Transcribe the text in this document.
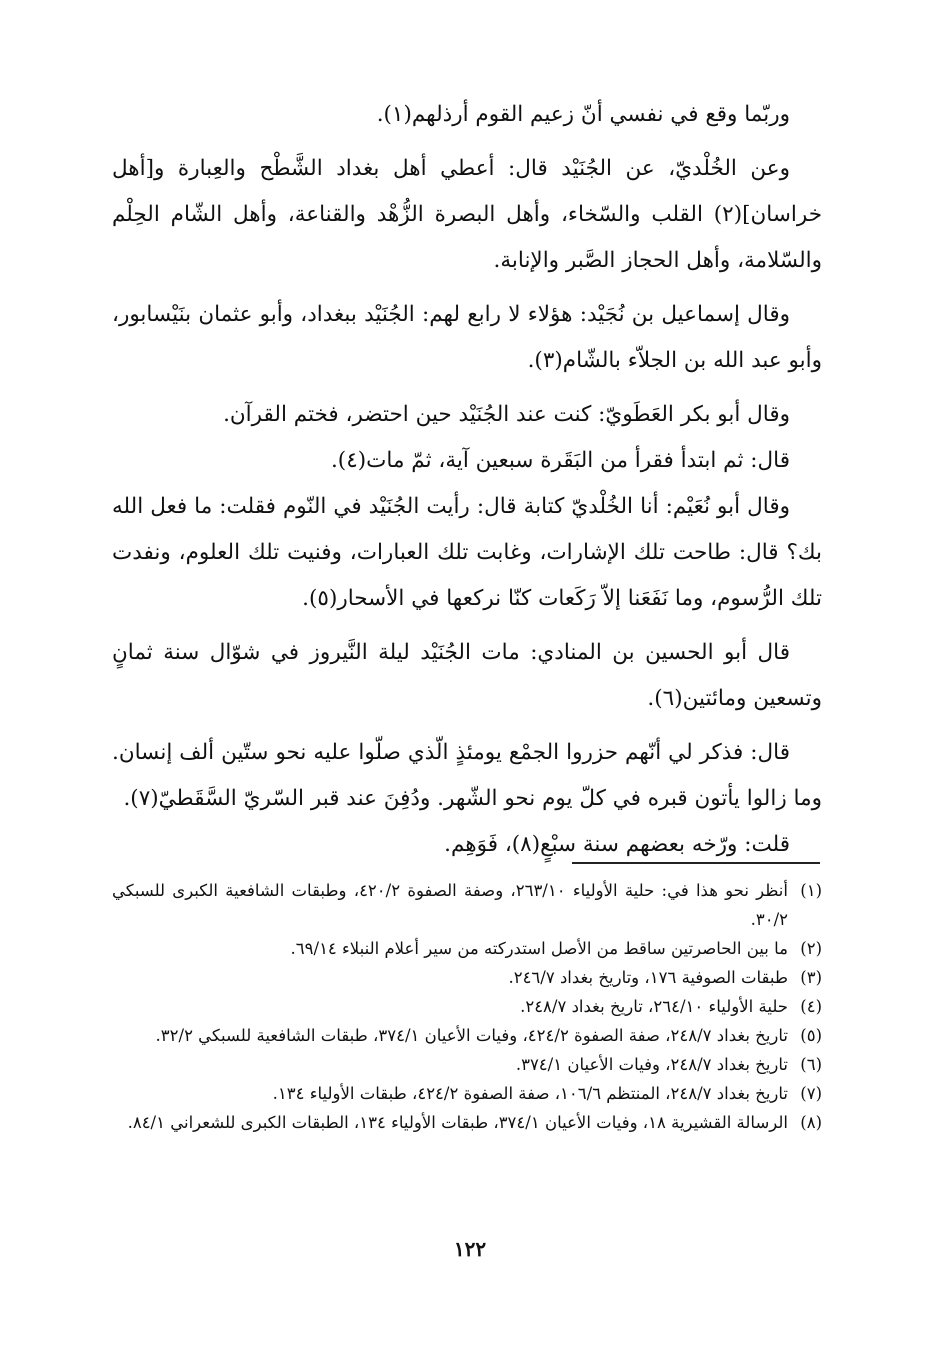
وربّما وقع في نفسي أنّ زعيم القوم أرذلهم(١).

وعن الخُلْديّ، عن الجُنَيْد قال: أعطي أهل بغداد الشَّطْح والعِبارة و[أهل خراسان](٢) القلب والسّخاء، وأهل البصرة الزُّهْد والقناعة، وأهل الشّام الحِلْم والسّلامة، وأهل الحجاز الصَّبر والإنابة.

وقال إسماعيل بن نُجَيْد: هؤلاء لا رابع لهم: الجُنَيْد ببغداد، وأبو عثمان بنَيْسابور، وأبو عبد الله بن الجلاّء بالشّام(٣).

وقال أبو بكر العَطَويّ: كنت عند الجُنَيْد حين احتضر، فختم القرآن.

قال: ثم ابتدأ فقرأ من البَقَرة سبعين آية، ثمّ مات(٤).

وقال أبو نُعَيْم: أنا الخُلْديّ كتابة قال: رأيت الجُنَيْد في النّوم فقلت: ما فعل الله بك؟ قال: طاحت تلك الإشارات، وغابت تلك العبارات، وفنيت تلك العلوم، ونفدت تلك الرُّسوم، وما نَفَعَنا إلاّ رَكَعات كنّا نركعها في الأسحار(٥).

قال أبو الحسين بن المنادي: مات الجُنَيْد ليلة النَّيروز في شوّال سنة ثمانٍ وتسعين ومائتين(٦).

قال: فذكر لي أنّهم حزروا الجمْع يومئذٍ الّذي صلّوا عليه نحو ستّين ألف إنسان. وما زالوا يأتون قبره في كلّ يوم نحو الشّهر. ودُفِنَ عند قبر السّريّ السَّقَطيّ(٧).

قلت: ورّخه بعضهم سنة سبْعٍ(٨)، فَوَهِم.

(١)
أنظر نحو هذا في: حلية الأولياء ٢٦٣/١٠، وصفة الصفوة ٤٢٠/٢، وطبقات الشافعية الكبرى للسبكي ٣٠/٢.
(٢)
ما بين الحاصرتين ساقط من الأصل استدركته من سير أعلام النبلاء ٦٩/١٤.
(٣)
طبقات الصوفية ١٧٦، وتاريخ بغداد ٢٤٦/٧.
(٤)
حلية الأولياء ٢٦٤/١٠، تاريخ بغداد ٢٤٨/٧.
(٥)
تاريخ بغداد ٢٤٨/٧، صفة الصفوة ٤٢٤/٢، وفيات الأعيان ٣٧٤/١، طبقات الشافعية للسبكي ٣٢/٢.
(٦)
تاريخ بغداد ٢٤٨/٧، وفيات الأعيان ٣٧٤/١.
(٧)
تاريخ بغداد ٢٤٨/٧، المنتظم ١٠٦/٦، صفة الصفوة ٤٢٤/٢، طبقات الأولياء ١٣٤.
(٨)
الرسالة القشيرية ١٨، وفيات الأعيان ٣٧٤/١، طبقات الأولياء ١٣٤، الطبقات الكبرى للشعراني ٨٤/١.
١٢٢
